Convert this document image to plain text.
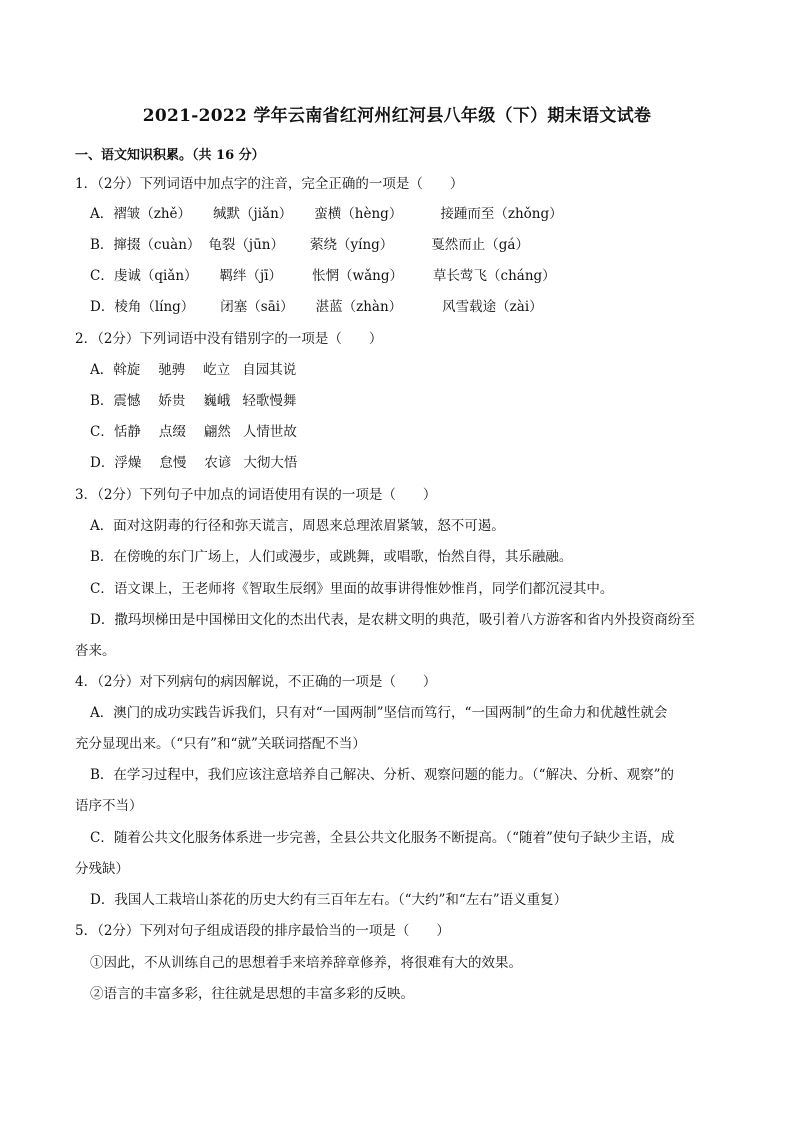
2021-2022 学年云南省红河州红河县八年级（下）期末语文试卷
一、语文知识积累。（共 16 分）
1．（2分）下列词语中加点字的注音，完全正确的一项是（　　）
A．褶皱（zhě） 缄默（jiǎn） 蛮横（hèng）	接踵而至（zhǒng）
B．撺掇（cuàn） 龟裂（jūn） 萦绕（yíng）	戛然而止（gá）
C．虔诚（qiǎn） 羁绊（jī） 怅惘（wǎng） 草长莺飞（cháng）
D．棱角（líng） 闭塞（sāi） 湛蓝（zhàn）	风雪载途（zài）
2．（2分）下列词语中没有错别字的一项是（　　）
A．斡旋 驰骋 屹立 自园其说
B．震憾 娇贵 巍峨 轻歌慢舞
C．恬静 点缀 翩然 人情世故
D．浮燥 怠慢 农谚 大彻大悟
3．（2分）下列句子中加点的词语使用有误的一项是（　　）
A．面对这阴毒的行径和弥天谎言，周恩来总理浓眉紧皱，怒不可遏。
B．在傍晚的东门广场上，人们或漫步，或跳舞，或唱歌，怡然自得，其乐融融。
C．语文课上，王老师将《智取生辰纲》里面的故事讲得惟妙惟肖，同学们都沉浸其中。
D．撒玛坝梯田是中国梯田文化的杰出代表，是农耕文明的典范，吸引着八方游客和省内外投资商纷至
沓来。
4．（2分）对下列病句的病因解说，不正确的一项是（　　）
A．澳门的成功实践告诉我们，只有对“一国两制”坚信而笃行，“一国两制”的生命力和优越性就会
充分显现出来。（“只有”和“就”关联词搭配不当）
B．在学习过程中，我们应该注意培养自己解决、分析、观察问题的能力。（“解决、分析、观察”的
语序不当）
C．随着公共文化服务体系进一步完善，全县公共文化服务不断提高。（“随着”使句子缺少主语，成
分残缺）
D．我国人工栽培山茶花的历史大约有三百年左右。（“大约”和“左右”语义重复）
5．（2分）下列对句子组成语段的排序最恰当的一项是（　　）
①因此，不从训练自己的思想着手来培养辞章修养，将很难有大的效果。
②语言的丰富多彩，往往就是思想的丰富多彩的反映。
